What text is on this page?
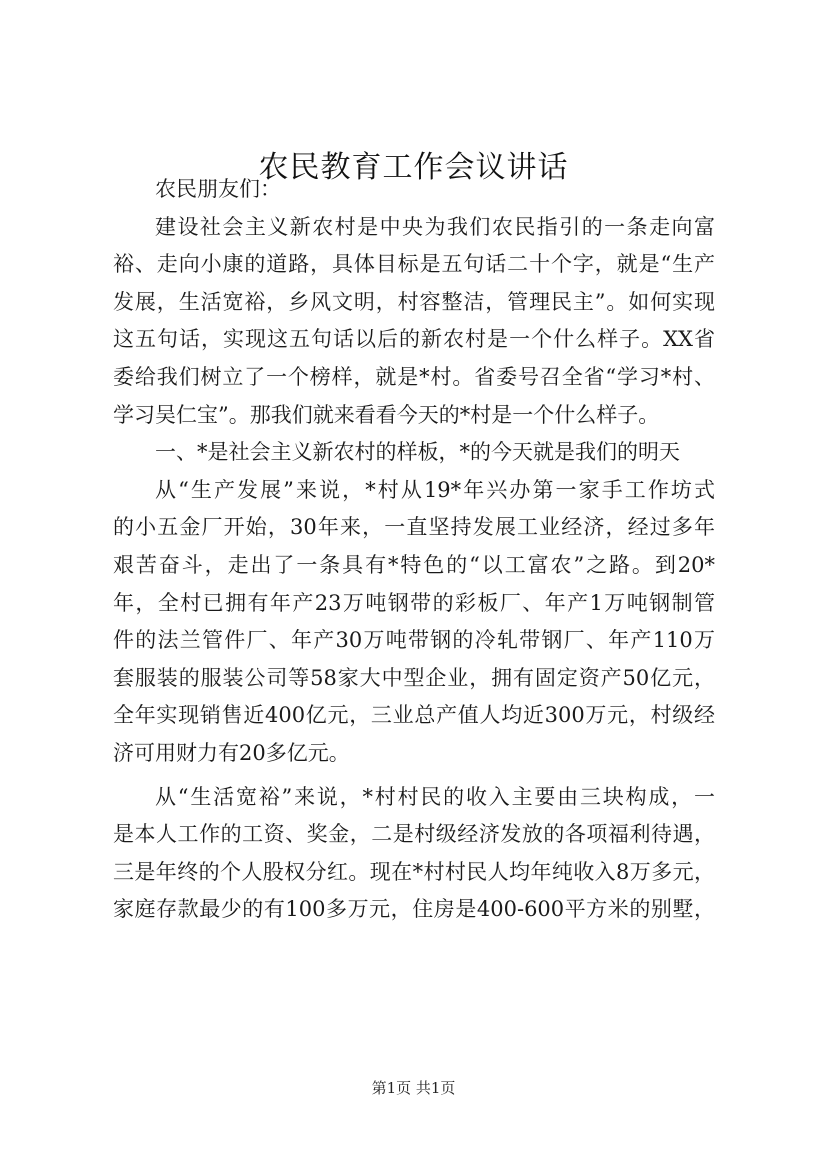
农民教育工作会议讲话
农民朋友们：
建设社会主义新农村是中央为我们农民指引的一条走向富
裕、走向小康的道路，具体目标是五句话二十个字，就是“生产
发展，生活宽裕，乡风文明，村容整洁，管理民主”。如何实现
这五句话，实现这五句话以后的新农村是一个什么样子。XX省
委给我们树立了一个榜样，就是*村。省委号召全省“学习*村、
学习吴仁宝”。那我们就来看看今天的*村是一个什么样子。
一、*是社会主义新农村的样板，*的今天就是我们的明天
从“生产发展”来说，*村从19*年兴办第一家手工作坊式
的小五金厂开始，30年来，一直坚持发展工业经济，经过多年
艰苦奋斗，走出了一条具有*特色的“以工富农”之路。到20*
年，全村已拥有年产23万吨钢带的彩板厂、年产1万吨钢制管
件的法兰管件厂、年产30万吨带钢的冷轧带钢厂、年产110万
套服装的服装公司等58家大中型企业，拥有固定资产50亿元，
全年实现销售近400亿元，三业总产值人均近300万元，村级经
济可用财力有20多亿元。
从“生活宽裕”来说，*村村民的收入主要由三块构成，一
是本人工作的工资、奖金，二是村级经济发放的各项福利待遇，
三是年终的个人股权分红。现在*村村民人均年纯收入8万多元，
家庭存款最少的有100多万元，住房是400-600平方米的别墅，
第1页 共1页
